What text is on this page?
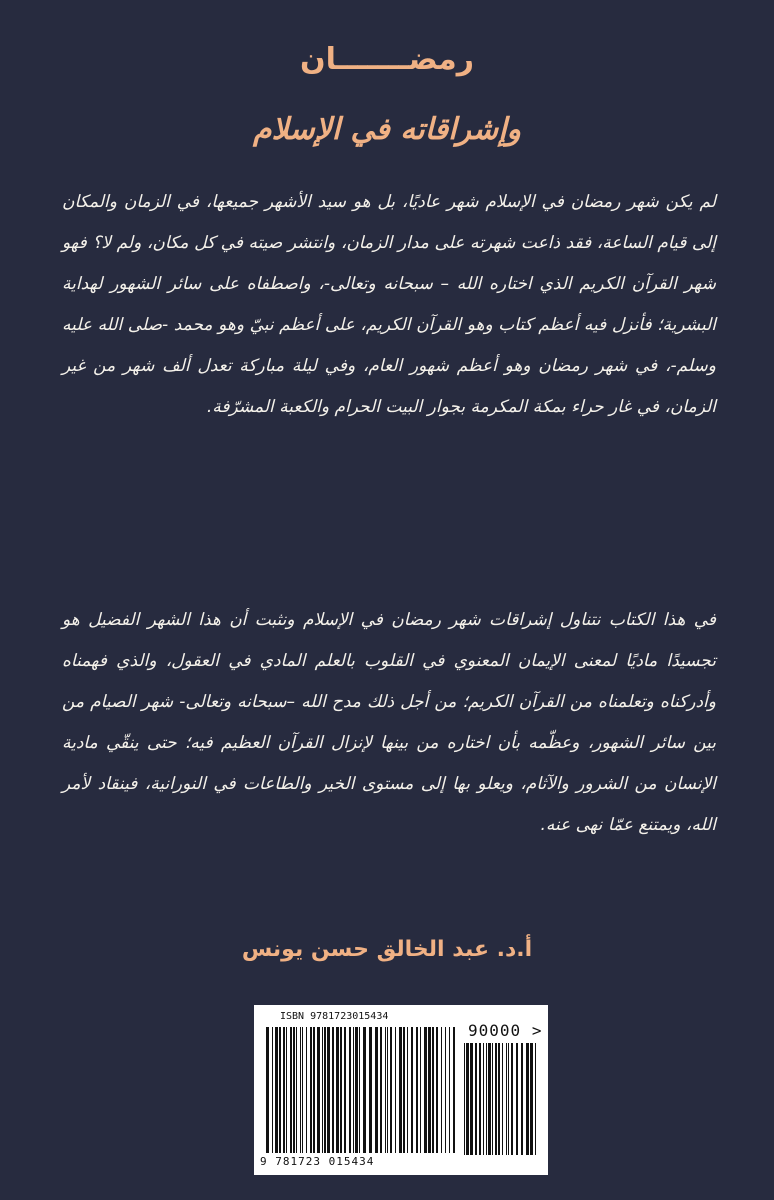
رمضـــــــان
وإشراقاته في الإسلام

لم يكن شهر رمضان في الإسلام شهر عاديًا، بل هو سيد الأشهر جميعها، في الزمان والمكان إلى قيام الساعة، فقد ذاعت شهرته على مدار الزمان، وانتشر صيته في كل مكان، ولم لا؟ فهو شهر القرآن الكريم الذي اختاره الله – سبحانه وتعالى-، واصطفاه على سائر الشهور لهداية البشرية؛ فأنزل فيه أعظم كتاب وهو القرآن الكريم، على أعظم نبيّ وهو محمد -صلى الله عليه وسلم-، في شهر رمضان وهو أعظم شهور العام، وفي ليلة مباركة تعدل ألف شهر من غير الزمان، في غار حراء بمكة المكرمة بجوار البيت الحرام والكعبة المشرّفة.

في هذا الكتاب نتناول إشراقات شهر رمضان في الإسلام ونثبت أن هذا الشهر الفضيل هو تجسيدًا ماديًا لمعنى الإيمان المعنوي في القلوب بالعلم المادي في العقول، والذي فهمناه وأدركناه وتعلمناه من القرآن الكريم؛ من أجل ذلك مدح الله –سبحانه وتعالى- شهر الصيام من بين سائر الشهور، وعظّمه بأن اختاره من بينها لإنزال القرآن العظيم فيه؛ حتى ينقّي مادية الإنسان من الشرور والآثام، ويعلو بها إلى مستوى الخير والطاعات في النورانية، فينقاد لأمر الله، ويمتنع عمّا نهى عنه.

أ.د. عبد الخالق حسن يونس
ISBN 9781723015434
90000 >
9 781723 015434
